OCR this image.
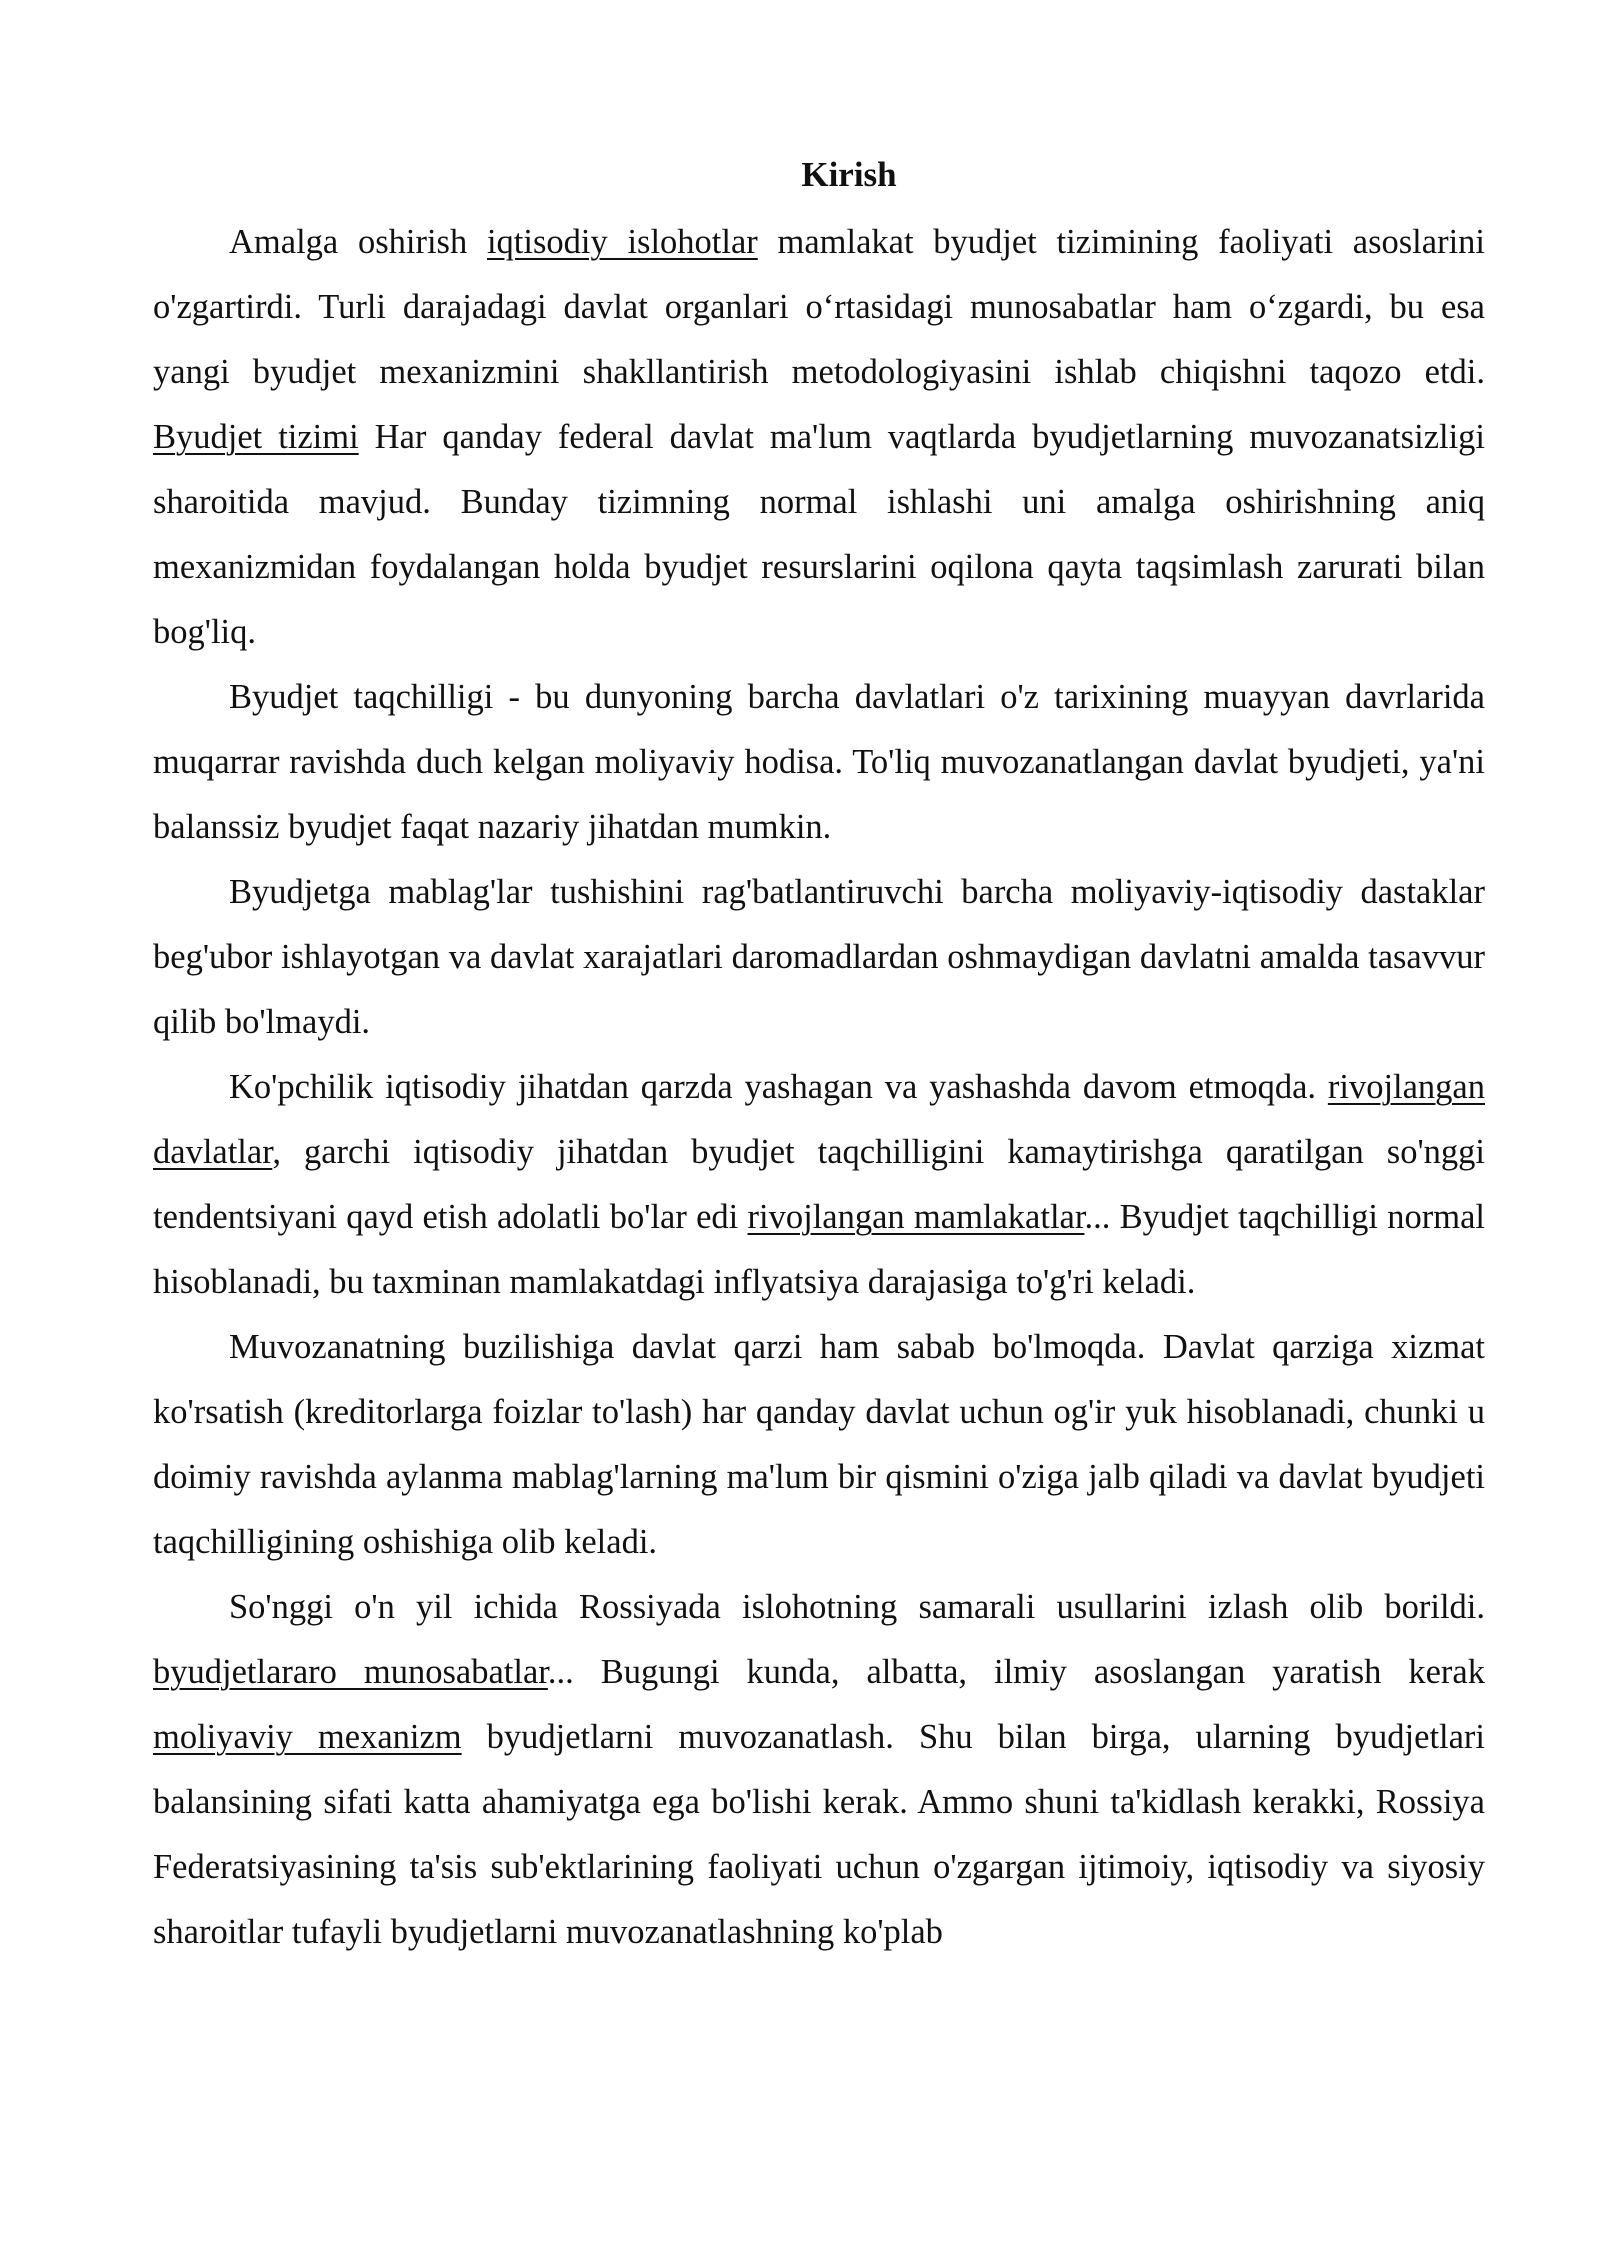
Kirish

Amalga oshirish iqtisodiy islohotlar mamlakat byudjet tizimining faoliyati asoslarini o'zgartirdi. Turli darajadagi davlat organlari oʻrtasidagi munosabatlar ham oʻzgardi, bu esa yangi byudjet mexanizmini shakllantirish metodologiyasini ishlab chiqishni taqozo etdi. Byudjet tizimi Har qanday federal davlat ma'lum vaqtlarda byudjetlarning muvozanatsizligi sharoitida mavjud. Bunday tizimning normal ishlashi uni amalga oshirishning aniq mexanizmidan foydalangan holda byudjet resurslarini oqilona qayta taqsimlash zarurati bilan bog'liq.

Byudjet taqchilligi - bu dunyoning barcha davlatlari o'z tarixining muayyan davrlarida muqarrar ravishda duch kelgan moliyaviy hodisa. To'liq muvozanatlangan davlat byudjeti, ya'ni balanssiz byudjet faqat nazariy jihatdan mumkin.

Byudjetga mablag'lar tushishini rag'batlantiruvchi barcha moliyaviy-iqtisodiy dastaklar beg'ubor ishlayotgan va davlat xarajatlari daromadlardan oshmaydigan davlatni amalda tasavvur qilib bo'lmaydi.

Ko'pchilik iqtisodiy jihatdan qarzda yashagan va yashashda davom etmoqda. rivojlangan davlatlar, garchi iqtisodiy jihatdan byudjet taqchilligini kamaytirishga qaratilgan so'nggi tendentsiyani qayd etish adolatli bo'lar edi rivojlangan mamlakatlar... Byudjet taqchilligi normal hisoblanadi, bu taxminan mamlakatdagi inflyatsiya darajasiga to'g'ri keladi.

Muvozanatning buzilishiga davlat qarzi ham sabab bo'lmoqda. Davlat qarziga xizmat ko'rsatish (kreditorlarga foizlar to'lash) har qanday davlat uchun og'ir yuk hisoblanadi, chunki u doimiy ravishda aylanma mablag'larning ma'lum bir qismini o'ziga jalb qiladi va davlat byudjeti taqchilligining oshishiga olib keladi.

So'nggi o'n yil ichida Rossiyada islohotning samarali usullarini izlash olib borildi. byudjetlararo munosabatlar... Bugungi kunda, albatta, ilmiy asoslangan yaratish kerak moliyaviy mexanizm byudjetlarni muvozanatlash. Shu bilan birga, ularning byudjetlari balansining sifati katta ahamiyatga ega bo'lishi kerak. Ammo shuni ta'kidlash kerakki, Rossiya Federatsiyasining ta'sis sub'ektlarining faoliyati uchun o'zgargan ijtimoiy, iqtisodiy va siyosiy sharoitlar tufayli byudjetlarni muvozanatlashning ko'plab
